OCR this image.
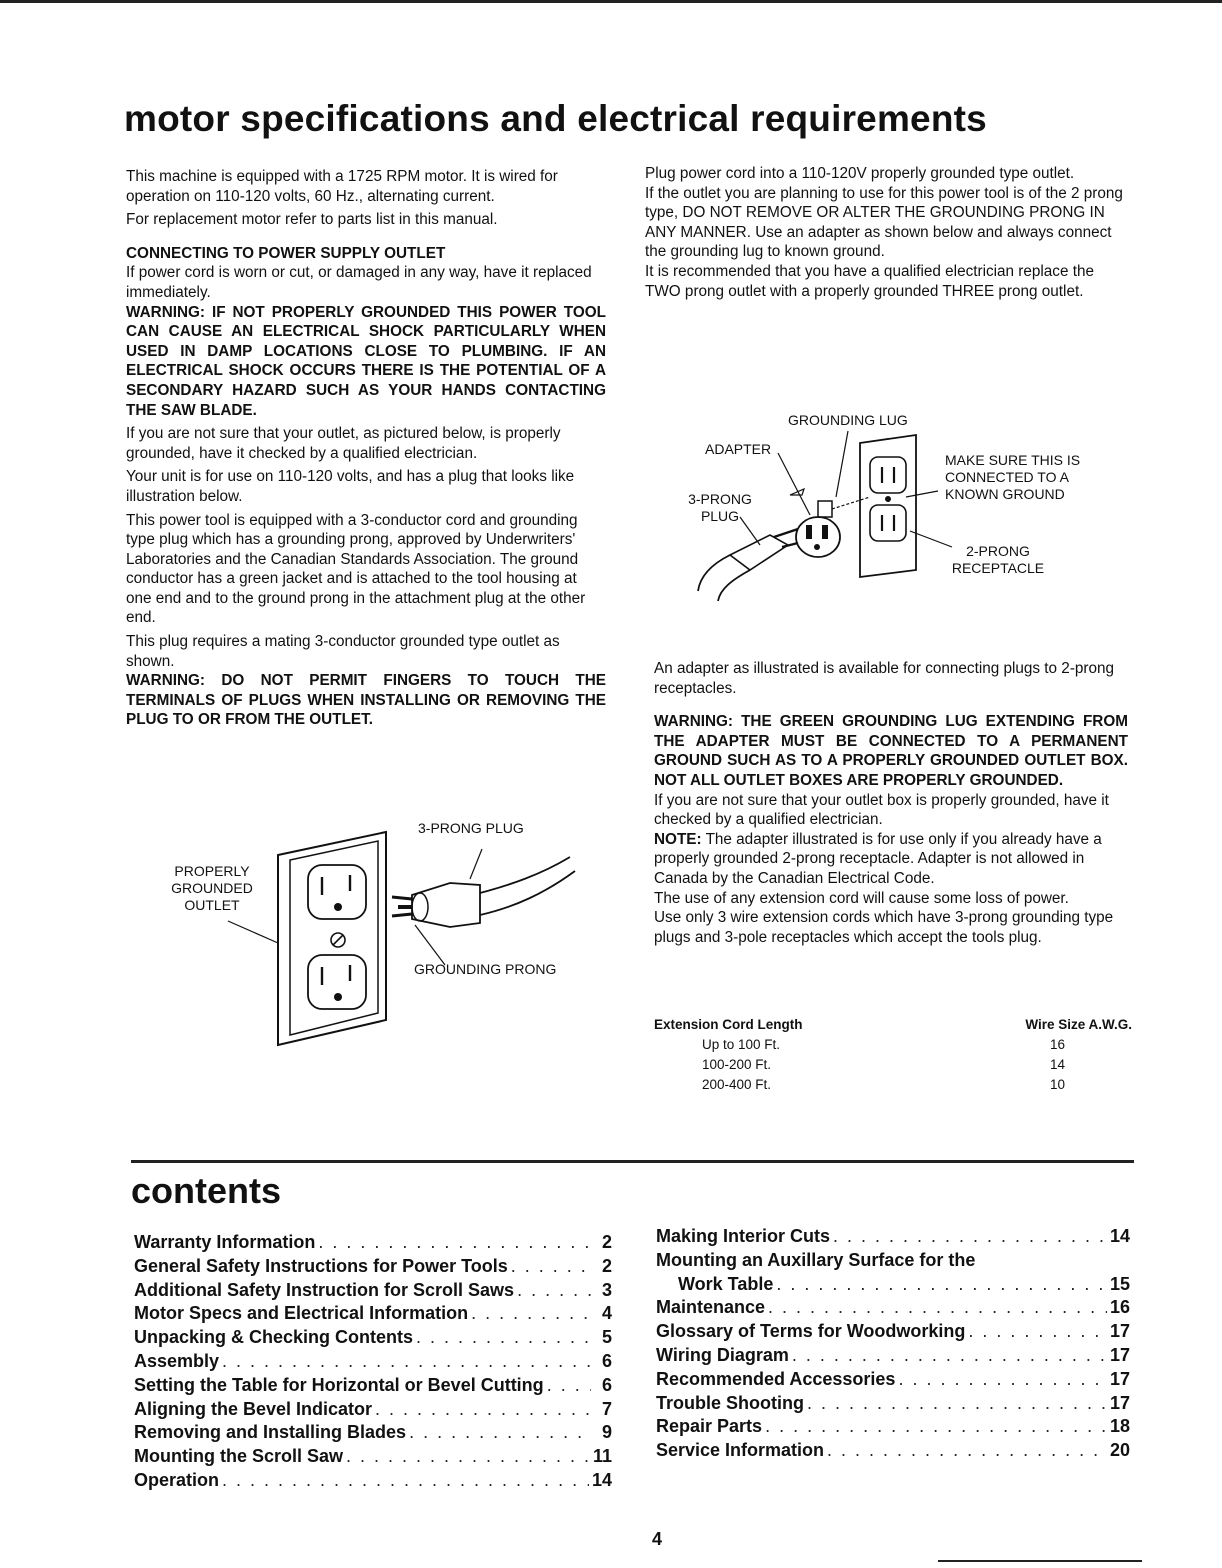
motor specifications and electrical requirements

This machine is equipped with a 1725 RPM motor. It is wired for operation on 110-120 volts, 60 Hz., alternating current.

For replacement motor refer to parts list in this manual.

CONNECTING TO POWER SUPPLY OUTLET

If power cord is worn or cut, or damaged in any way, have it replaced immediately.

WARNING: IF NOT PROPERLY GROUNDED THIS POWER TOOL CAN CAUSE AN ELECTRICAL SHOCK PARTICULARLY WHEN USED IN DAMP LOCATIONS CLOSE TO PLUMBING. IF AN ELECTRICAL SHOCK OCCURS THERE IS THE POTENTIAL OF A SECONDARY HAZARD SUCH AS YOUR HANDS CONTACTING THE SAW BLADE.

If you are not sure that your outlet, as pictured below, is properly grounded, have it checked by a qualified electrician.

Your unit is for use on 110-120 volts, and has a plug that looks like illustration below.

This power tool is equipped with a 3-conductor cord and grounding type plug which has a grounding prong, approved by Underwriters' Laboratories and the Canadian Standards Association. The ground conductor has a green jacket and is attached to the tool housing at one end and to the ground prong in the attachment plug at the other end.

This plug requires a mating 3-conductor grounded type outlet as shown.

WARNING: DO NOT PERMIT FINGERS TO TOUCH THE TERMINALS OF PLUGS WHEN INSTALLING OR REMOVING THE PLUG TO OR FROM THE OUTLET.

PROPERLY
GROUNDED
OUTLET
3-PRONG PLUG
GROUNDING PRONG

Plug power cord into a 110-120V properly grounded type outlet.

If the outlet you are planning to use for this power tool is of the 2 prong type, DO NOT REMOVE OR ALTER THE GROUNDING PRONG IN ANY MANNER. Use an adapter as shown below and always connect the grounding lug to known ground.

It is recommended that you have a qualified electrician replace the TWO prong outlet with a properly grounded THREE prong outlet.

GROUNDING LUG
ADAPTER
3-PRONG
PLUG
MAKE SURE THIS IS
CONNECTED TO A
KNOWN GROUND
2-PRONG
RECEPTACLE

An adapter as illustrated is available for connecting plugs to 2-prong receptacles.

WARNING: THE GREEN GROUNDING LUG EXTENDING FROM THE ADAPTER MUST BE CONNECTED TO A PERMANENT GROUND SUCH AS TO A PROPERLY GROUNDED OUTLET BOX. NOT ALL OUTLET BOXES ARE PROPERLY GROUNDED.

If you are not sure that your outlet box is properly grounded, have it checked by a qualified electrician.

NOTE: The adapter illustrated is for use only if you already have a properly grounded 2-prong receptacle. Adapter is not allowed in Canada by the Canadian Electrical Code.

The use of any extension cord will cause some loss of power.

Use only 3 wire extension cords which have 3-prong grounding type plugs and 3-pole receptacles which accept the tools plug.

Extension Cord Length	Wire Size A.W.G.
Up to 100 Ft.	16
100-200 Ft.	14
200-400 Ft.	10
contents
Warranty Information . . .	2
General Safety Instructions for Power Tools . . .	2
Additional Safety Instruction for Scroll Saws . . .	3
Motor Specs and Electrical Information . . .	4
Unpacking & Checking Contents . . .	5
Assembly . . .	6
Setting the Table for Horizontal or Bevel Cutting . . .	6
Aligning the Bevel Indicator . . .	7
Removing and Installing Blades . . .	9
Mounting the Scroll Saw . . .	11
Operation . . .	14
Making Interior Cuts . . .	14
Mounting an Auxillary Surface for the
Work Table . . .	15
Maintenance . . .	16
Glossary of Terms for Woodworking . . .	17
Wiring Diagram . . .	17
Recommended Accessories . . .	17
Trouble Shooting . . .	17
Repair Parts . . .	18
Service Information . . .	20
4
